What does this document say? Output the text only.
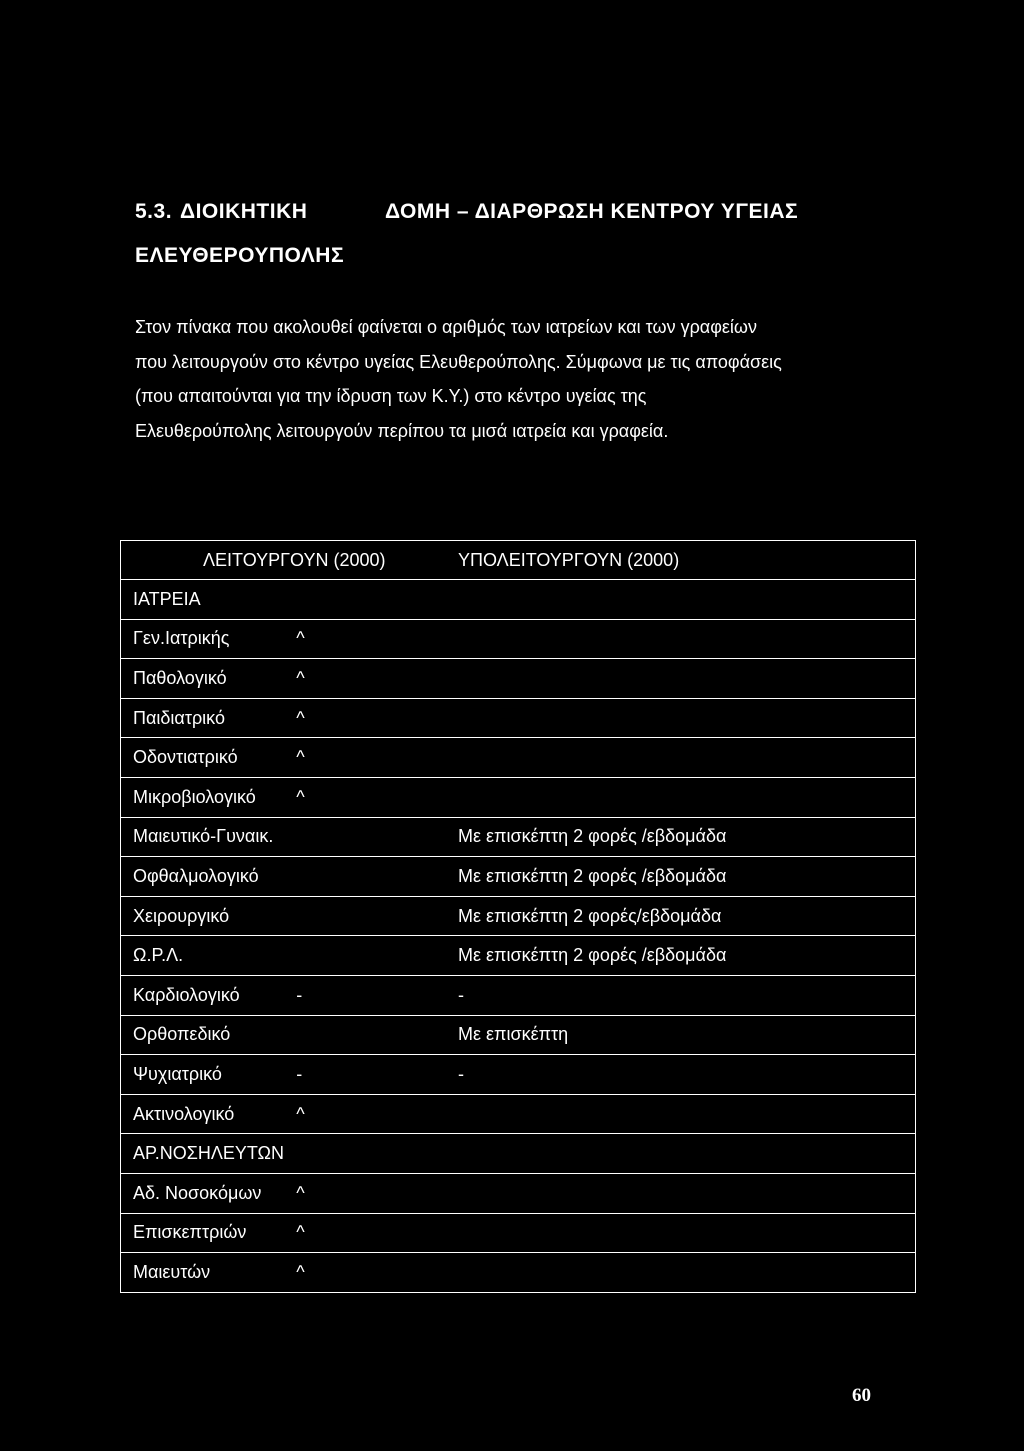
5.3. ΔΙΟΙΚΗΤΙΚΗ	ΔΟΜΗ – ΔΙΑΡΘΡΩΣΗ ΚΕΝΤΡΟΥ ΥΓΕΙΑΣ
ΕΛΕΥΘΕΡΟΥΠΟΛΗΣ
Στον πίνακα που ακολουθεί φαίνεται ο αριθμός των ιατρείων και των γραφείων
που λειτουργούν στο κέντρο υγείας Ελευθερούπολης. Σύμφωνα με τις αποφάσεις
(που απαιτούνται για την ίδρυση των Κ.Υ.) στο κέντρο υγείας της
Ελευθερούπολης λειτουργούν περίπου τα μισά ιατρεία και γραφεία.
ΛΕΙΤΟΥΡΓΟΥΝ (2000)		ΥΠΟΛΕΙΤΟΥΡΓΟΥΝ (2000)
ΙΑΤΡΕΙΑ		
Γεν.Ιατρικής	^	
Παθολογικό	^	
Παιδιατρικό	^	
Οδοντιατρικό	^	
Μικροβιολογικό	^	
Μαιευτικό-Γυναικ.		Με επισκέπτη 2 φορές /εβδομάδα
Οφθαλμολογικό		Με επισκέπτη 2 φορές /εβδομάδα
Χειρουργικό		Με επισκέπτη 2 φορές/εβδομάδα
Ω.Ρ.Λ.		Με επισκέπτη 2 φορές /εβδομάδα
Καρδιολογικό	-	-
Ορθοπεδικό		Με επισκέπτη
Ψυχιατρικό	-	-
Ακτινολογικό	^	
ΑΡ.ΝΟΣΗΛΕΥΤΩΝ		
Αδ. Νοσοκόμων	^	
Επισκεπτριών	^	
Μαιευτών	^	
60
